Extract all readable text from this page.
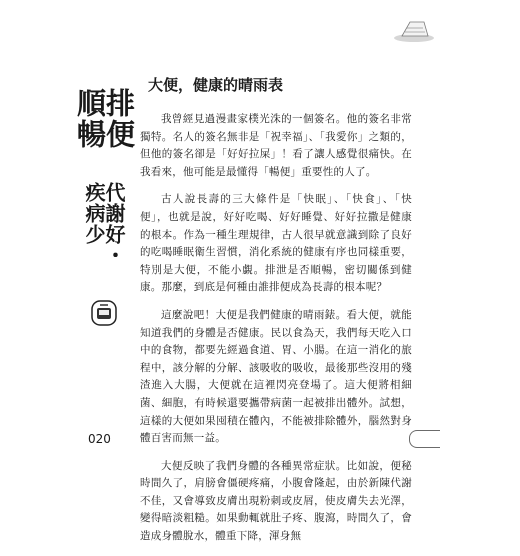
排便順暢
代謝好・疾病少
大便，健康的晴雨表

我曾經見過漫畫家樸光洙的一個簽名。他的簽名非常獨特。名人的簽名無非是「祝幸福」、「我愛你」之類的，但他的簽名卻是「好好拉屎」！看了讓人感覺很痛快。在我看來，他可能是最懂得「暢便」重要性的人了。

古人說長壽的三大條件是「快眠」、「快食」、「快便」，也就是說，好好吃喝、好好睡覺、好好拉撒是健康的根本。作為一種生理規律，古人很早就意識到除了良好的吃喝睡眠衛生習慣，消化系統的健康有序也同樣重要，特別是大便，不能小覷。排泄是否順暢，密切關係到健康。那麼，到底是何種由誰排便成為長壽的根本呢？

這麼說吧！大便是我們健康的晴雨錶。看大便，就能知道我們的身體是否健康。民以食為天，我們每天吃入口中的食物，都要先經過食道、胃、小腸。在這一消化的旅程中，該分解的分解、該吸收的吸收，最後那些沒用的殘渣進入大腸，大便就在這裡閃亮登場了。這大便將相細菌、細胞，有時候還要攜帶病菌一起被排出體外。試想，這樣的大便如果囤積在體內，不能被排除體外，腦然對身體百害而無一益。

大便反映了我們身體的各種異常症狀。比如說，便秘時間久了，肩膀會僵硬疼痛，小腹會隆起，由於新陳代謝不佳，又會導致皮膚出現粉刺或皮屑，使皮膚失去光澤，變得暗淡粗糙。如果動輒就肚子疼、腹瀉，時間久了，會造成身體脫水，體重下降，渾身無

020
